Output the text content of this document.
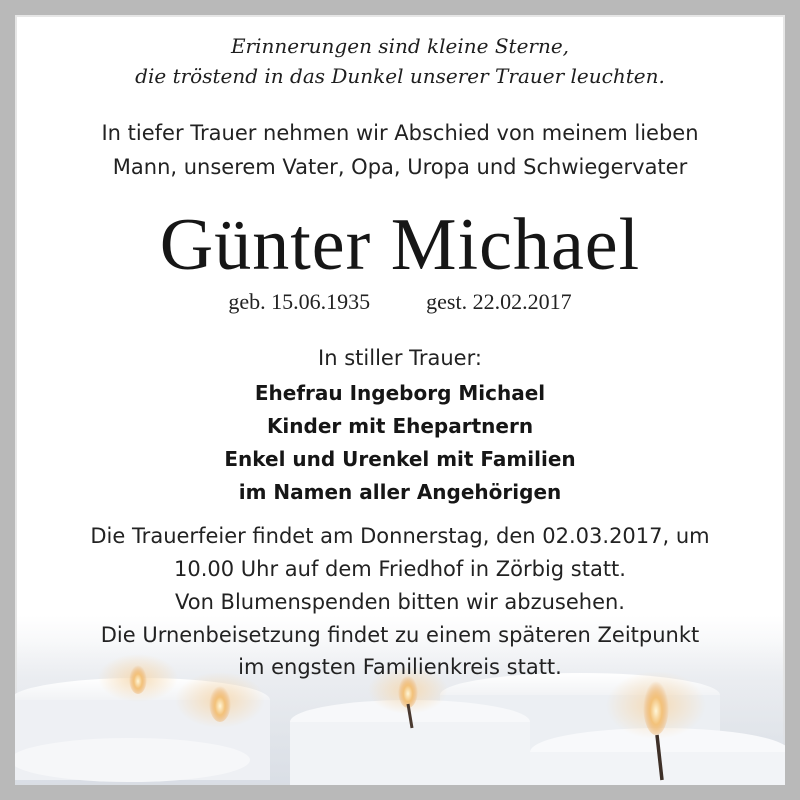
Erinnerungen sind kleine Sterne,
die tröstend in das Dunkel unserer Trauer leuchten.
In tiefer Trauer nehmen wir Abschied von meinem lieben
Mann, unserem Vater, Opa, Uropa und Schwiegervater
Günter Michael
geb. 15.06.1935	gest. 22.02.2017
In stiller Trauer:
Ehefrau Ingeborg Michael
Kinder mit Ehepartnern
Enkel und Urenkel mit Familien
im Namen aller Angehörigen
Die Trauerfeier findet am Donnerstag, den 02.03.2017, um
10.00 Uhr auf dem Friedhof in Zörbig statt.
Von Blumenspenden bitten wir abzusehen.
Die Urnenbeisetzung findet zu einem späteren Zeitpunkt
im engsten Familienkreis statt.
